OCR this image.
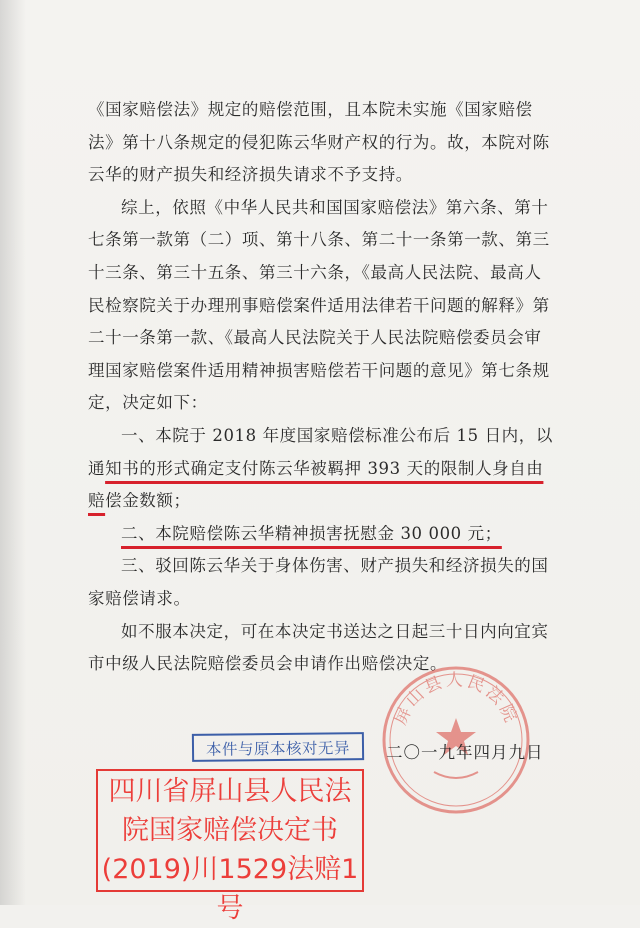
《国家赔偿法》规定的赔偿范围，且本院未实施《国家赔偿法》第十八条规定的侵犯陈云华财产权的行为。故，本院对陈云华的财产损失和经济损失请求不予支持。

综上，依照《中华人民共和国国家赔偿法》第六条、第十七条第一款第（二）项、第十八条、第二十一条第一款、第三十三条、第三十五条、第三十六条，《最高人民法院、最高人民检察院关于办理刑事赔偿案件适用法律若干问题的解释》第二十一条第一款、《最高人民法院关于人民法院赔偿委员会审理国家赔偿案件适用精神损害赔偿若干问题的意见》第七条规定，决定如下：

一、本院于 2018 年度国家赔偿标准公布后 15 日内，以通知书的形式确定支付陈云华被羁押 393 天的限制人身自由赔偿金数额；

二、本院赔偿陈云华精神损害抚慰金 30 000 元；

三、驳回陈云华关于身体伤害、财产损失和经济损失的国家赔偿请求。

如不服本决定，可在本决定书送达之日起三十日内向宜宾市中级人民法院赔偿委员会申请作出赔偿决定。

屏山县人民法院
本件与原本核对无异	二〇一九年四月九日
四川省屏山县人民法院国家赔偿决定书(2019)川1529法赔1号
